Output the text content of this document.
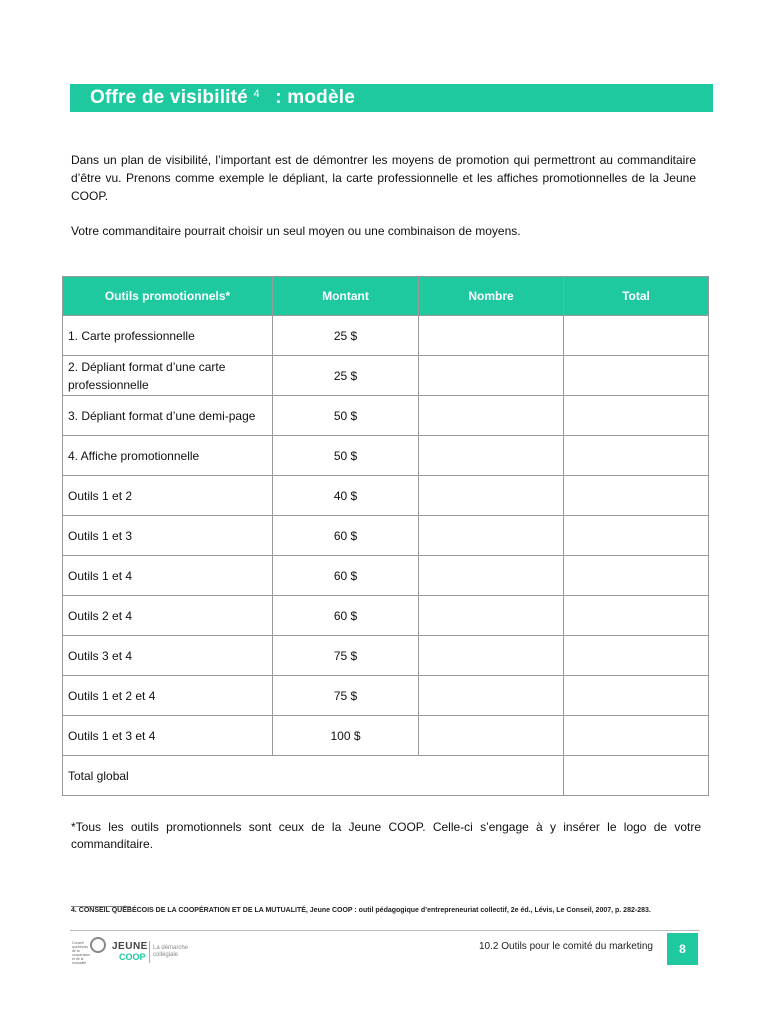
Offre de visibilité $^4$ : modèle
Dans un plan de visibilité, l’important est de démontrer les moyens de promotion qui permettront au commanditaire d’être vu. Prenons comme exemple le dépliant, la carte professionnelle et les affiches promotionnelles de la Jeune COOP.
Votre commanditaire pourrait choisir un seul moyen ou une combinaison de moyens.
Outils promotionnels*	Montant	Nombre	Total
1. Carte professionnelle	25 $		
2. Dépliant format d’une carte professionnelle	25 $		
3. Dépliant format d’une demi-page	50 $		
4. Affiche promotionnelle	50 $		
Outils 1 et 2	40 $		
Outils 1 et 3	60 $		
Outils 1 et 4	60 $		
Outils 2 et 4	60 $		
Outils 3 et 4	75 $		
Outils 1 et 2 et 4	75 $		
Outils 1 et 3 et 4	100 $		
Total global			
*Tous les outils promotionnels sont ceux de la Jeune COOP. Celle-ci s’engage à y insérer le logo de votre commanditaire.
4. CONSEIL QUÉBÉCOIS DE LA COOPÉRATION ET DE LA MUTUALITÉ, Jeune COOP : outil pédagogique d’entrepreneuriat collectif, 2e éd., Lévis, Le Conseil, 2007, p. 282-283.
Conseil québécois de la coopération et de la mutualité
JEUNE
COOP
La démarche collégiale
10.2 Outils pour le comité du marketing	8
